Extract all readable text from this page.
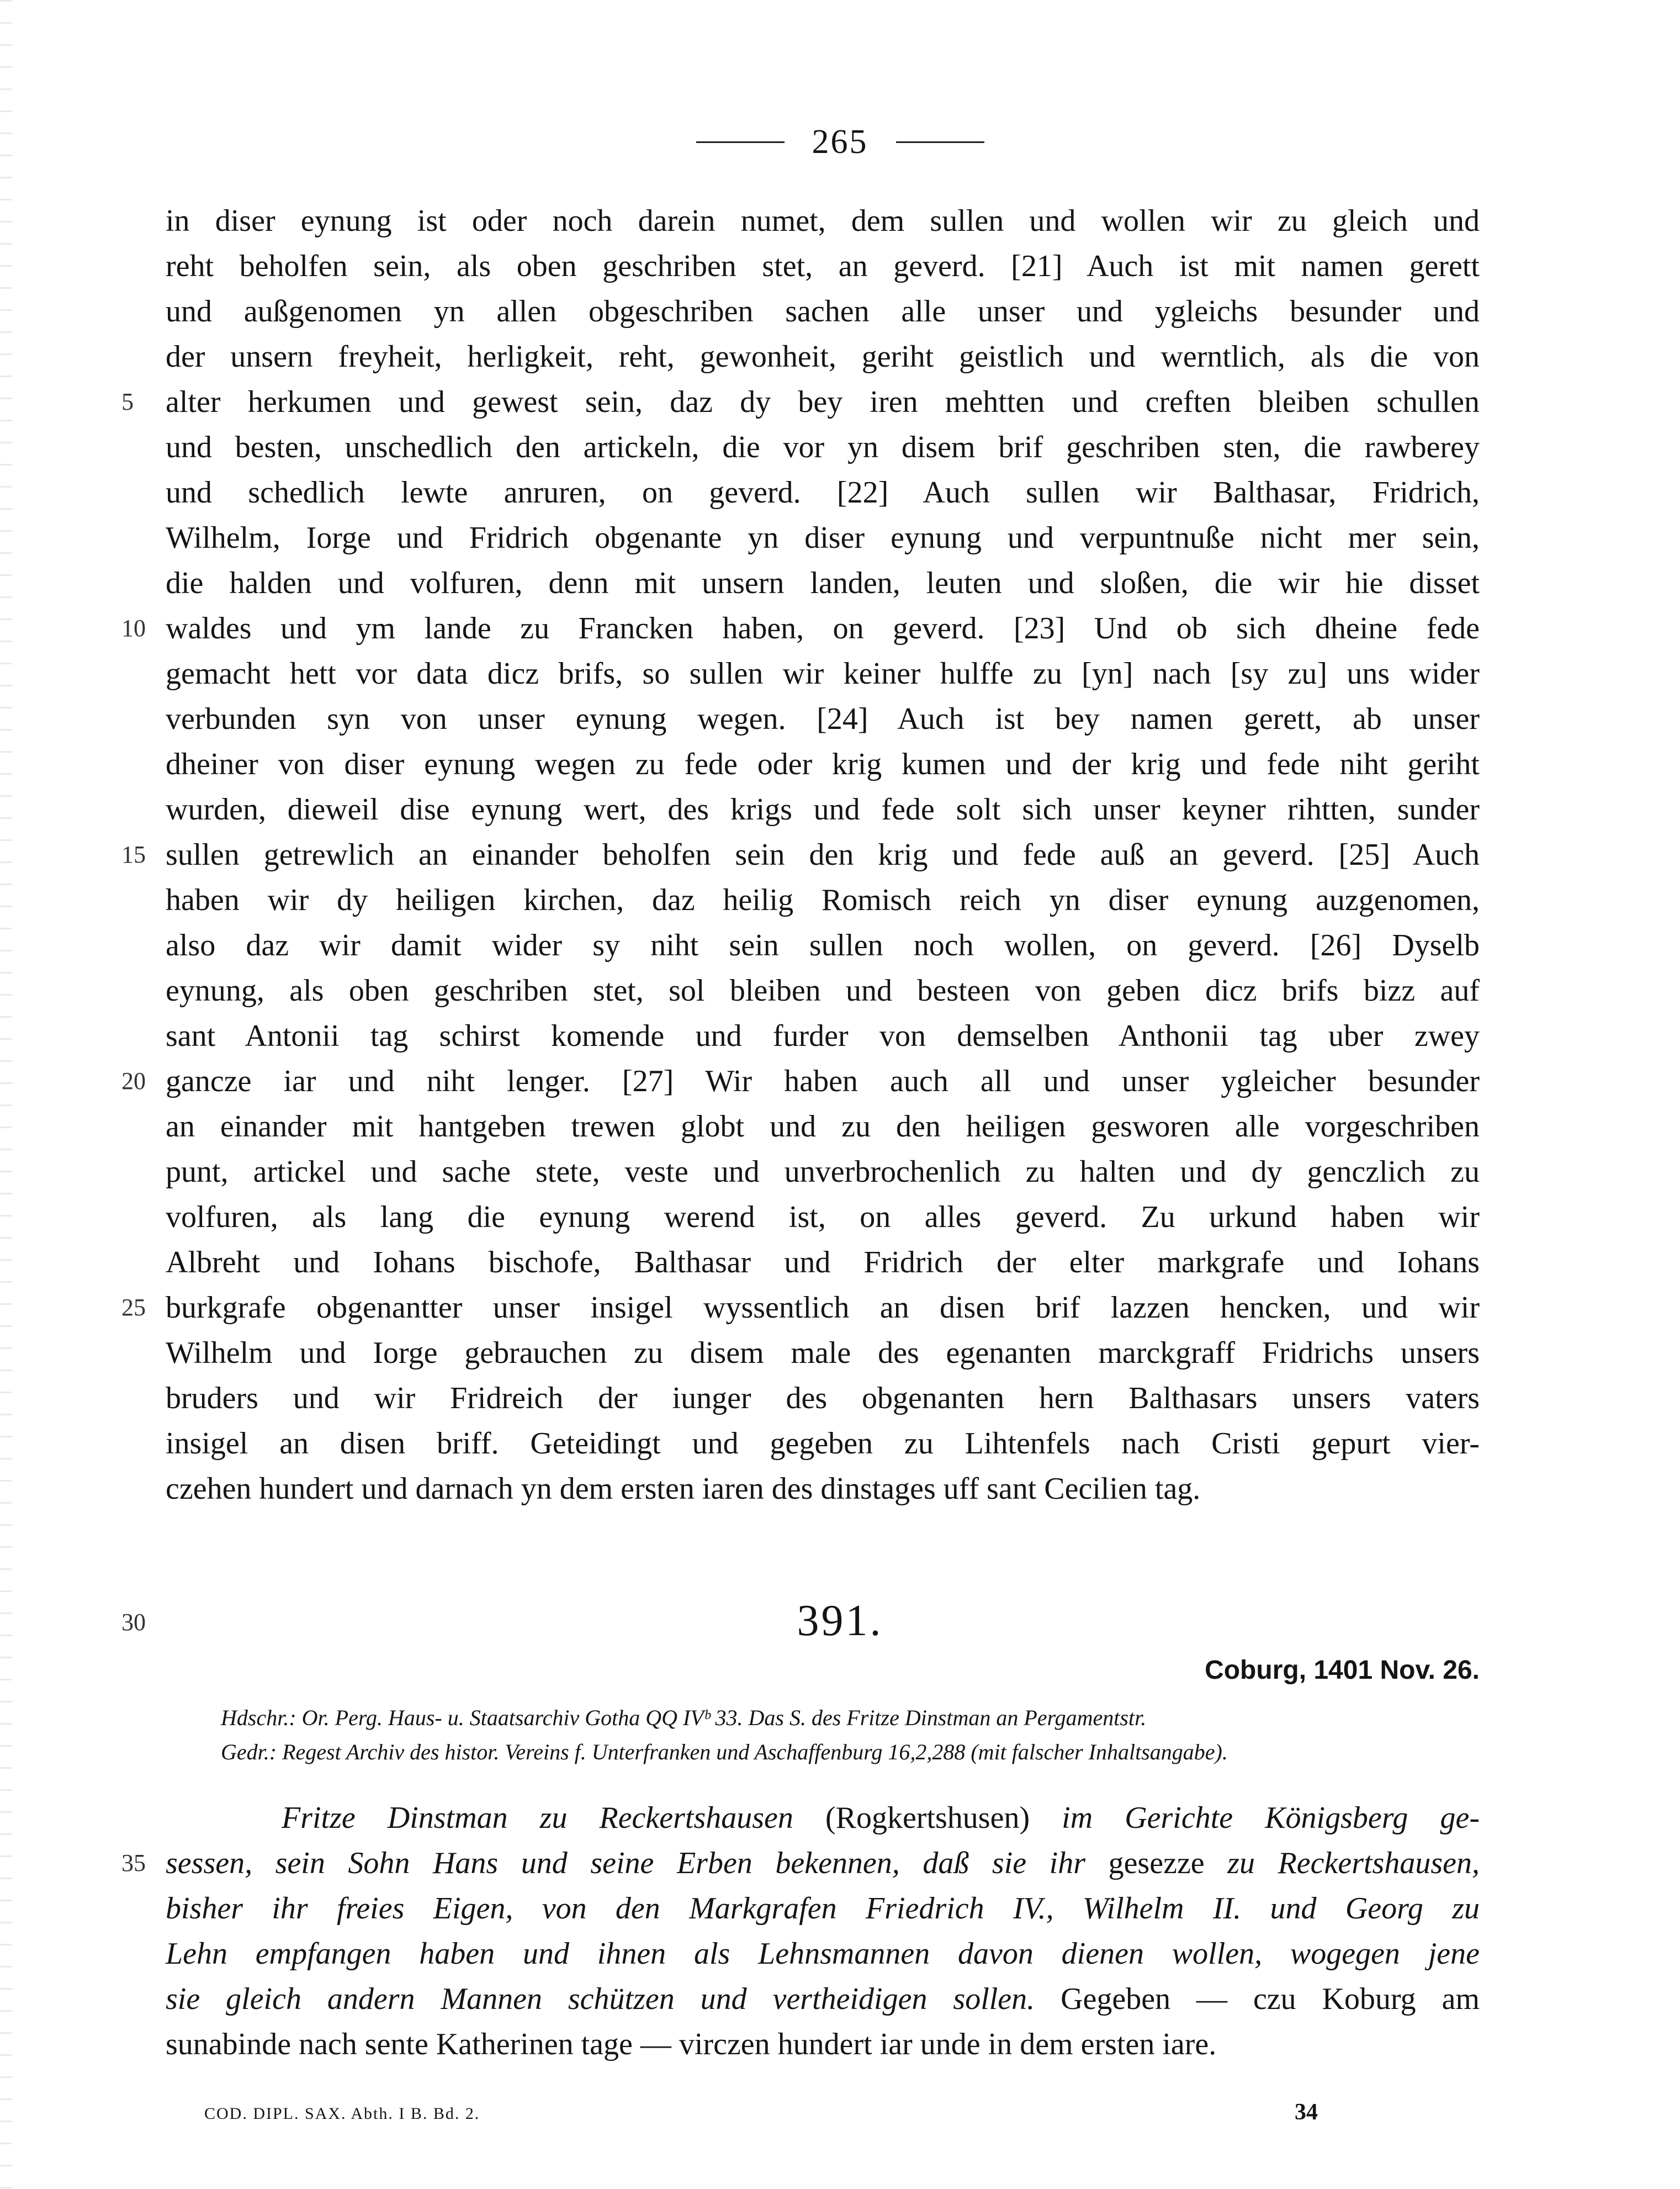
265
in diser eynung ist oder noch darein numet, dem sullen und wollen wir zu gleich und
reht beholfen sein, als oben geschriben stet, an geverd. [21] Auch ist mit namen gerett
und außgenomen yn allen obgeschriben sachen alle unser und ygleichs besunder und
der unsern freyheit, herligkeit, reht, gewonheit, geriht geistlich und werntlich, als die von
alter herkumen und gewest sein, daz dy bey iren mehtten und creften bleiben schullen
und besten, unschedlich den artickeln, die vor yn disem brif geschriben sten, die rawberey
und schedlich lewte anruren, on geverd. [22] Auch sullen wir Balthasar, Fridrich,
Wilhelm, Iorge und Fridrich obgenante yn diser eynung und verpuntnuße nicht mer sein,
die halden und volfuren, denn mit unsern landen, leuten und sloßen, die wir hie disset
waldes und ym lande zu Francken haben, on geverd. [23] Und ob sich dheine fede
gemacht hett vor data dicz brifs, so sullen wir keiner hulffe zu [yn] nach [sy zu] uns wider
verbunden syn von unser eynung wegen. [24] Auch ist bey namen gerett, ab unser
dheiner von diser eynung wegen zu fede oder krig kumen und der krig und fede niht geriht
wurden, dieweil dise eynung wert, des krigs und fede solt sich unser keyner rihtten, sunder
sullen getrewlich an einander beholfen sein den krig und fede auß an geverd. [25] Auch
haben wir dy heiligen kirchen, daz heilig Romisch reich yn diser eynung auzgenomen,
also daz wir damit wider sy niht sein sullen noch wollen, on geverd. [26] Dyselb
eynung, als oben geschriben stet, sol bleiben und besteen von geben dicz brifs bizz auf
sant Antonii tag schirst komende und furder von demselben Anthonii tag uber zwey
gancze iar und niht lenger. [27] Wir haben auch all und unser ygleicher besunder
an einander mit hantgeben trewen globt und zu den heiligen gesworen alle vorgeschriben
punt, artickel und sache stete, veste und unverbrochenlich zu halten und dy genczlich zu
volfuren, als lang die eynung werend ist, on alles geverd. Zu urkund haben wir
Albreht und Iohans bischofe, Balthasar und Fridrich der elter markgrafe und Iohans
burkgrafe obgenantter unser insigel wyssentlich an disen brif lazzen hencken, und wir
Wilhelm und Iorge gebrauchen zu disem male des egenanten marckgraff Fridrichs unsers
bruders und wir Fridreich der iunger des obgenanten hern Balthasars unsers vaters
insigel an disen briff. Geteidingt und gegeben zu Lihtenfels nach Cristi gepurt vier-
czehen hundert und darnach yn dem ersten iaren des dinstages uff sant Cecilien tag.
5
10
15
20
25
30
35
391.
Coburg, 1401 Nov. 26.
Hdschr.: Or. Perg. Haus- u. Staatsarchiv Gotha QQ IVᵇ 33. Das S. des Fritze Dinstman an Pergamentstr.
Gedr.: Regest Archiv des histor. Vereins f. Unterfranken und Aschaffenburg 16,2,288 (mit falscher Inhaltsangabe).
Fritze Dinstman zu Reckertshausen (Rogkertshusen) im Gerichte Königsberg ge-
sessen, sein Sohn Hans und seine Erben bekennen, daß sie ihr gesezze zu Reckertshausen,
bisher ihr freies Eigen, von den Markgrafen Friedrich IV., Wilhelm II. und Georg zu
Lehn empfangen haben und ihnen als Lehnsmannen davon dienen wollen, wogegen jene
sie gleich andern Mannen schützen und vertheidigen sollen. Gegeben — czu Koburg am
sunabinde nach sente Katherinen tage — virczen hundert iar unde in dem ersten iare.
COD. DIPL. SAX. Abth. I B. Bd. 2.	34
